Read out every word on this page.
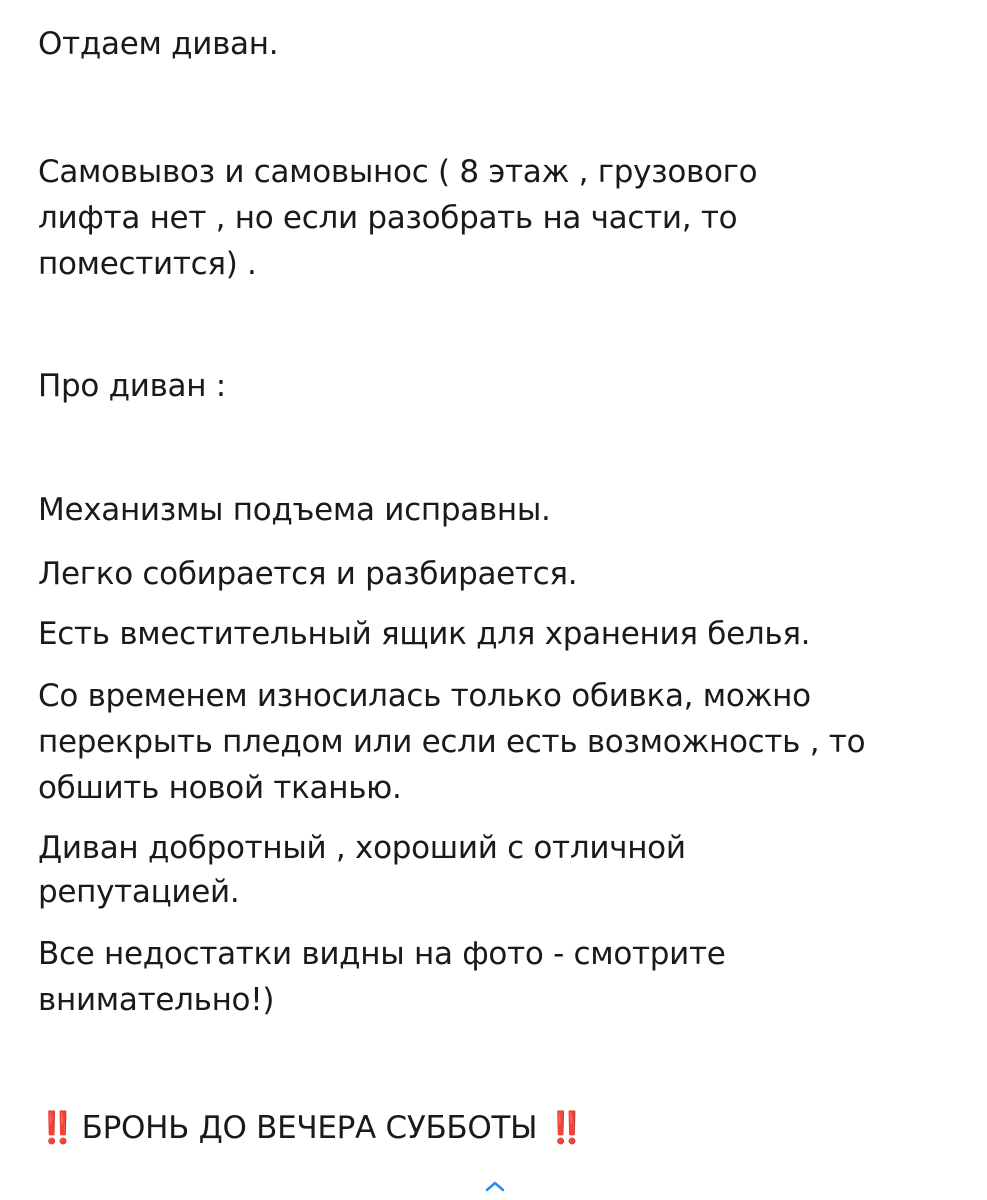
Отдаем диван.

Самовывоз и самовынос ( 8 этаж , грузового

лифта нет , но если разобрать на части, то

поместится) .

Про диван :

Механизмы подъема исправны.

Легко собирается и разбирается.

Есть вместительный ящик для хранения белья.

Со временем износилась только обивка, можно

перекрыть пледом или если есть возможность , то

обшить новой тканью.

Диван добротный , хороший с отличной

репутацией.

Все недостатки видны на фото - смотрите

внимательно!)

‼️ БРОНЬ ДО ВЕЧЕРА СУББОТЫ ‼️
